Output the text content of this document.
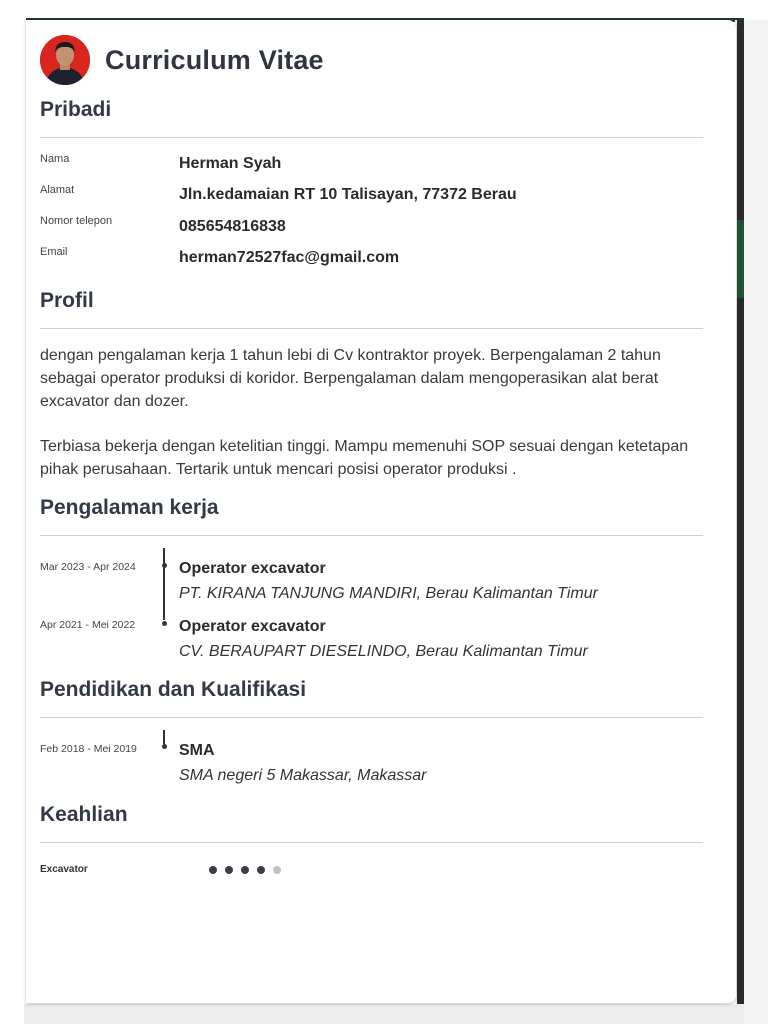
Curriculum Vitae
Pribadi
Nama	Herman Syah
Alamat	Jln.kedamaian RT 10 Talisayan, 77372 Berau
Nomor telepon	085654816838
Email	herman72527fac@gmail.com
Profil
dengan pengalaman kerja 1 tahun lebi di Cv kontraktor proyek. Berpengalaman 2 tahun sebagai operator produksi di koridor. Berpengalaman dalam mengoperasikan alat berat excavator dan dozer.
Terbiasa bekerja dengan ketelitian tinggi. Mampu memenuhi SOP sesuai dengan ketetapan pihak perusahaan. Tertarik untuk mencari posisi operator produksi .
Pengalaman kerja
Mar 2023 - Apr 2024	Operator excavator
PT. KIRANA TANJUNG MANDIRI, Berau Kalimantan Timur
Apr 2021 - Mei 2022	Operator excavator
CV. BERAUPART DIESELINDO, Berau Kalimantan Timur
Pendidikan dan Kualifikasi
Feb 2018 - Mei 2019	SMA
SMA negeri 5 Makassar, Makassar
Keahlian
Excavator
